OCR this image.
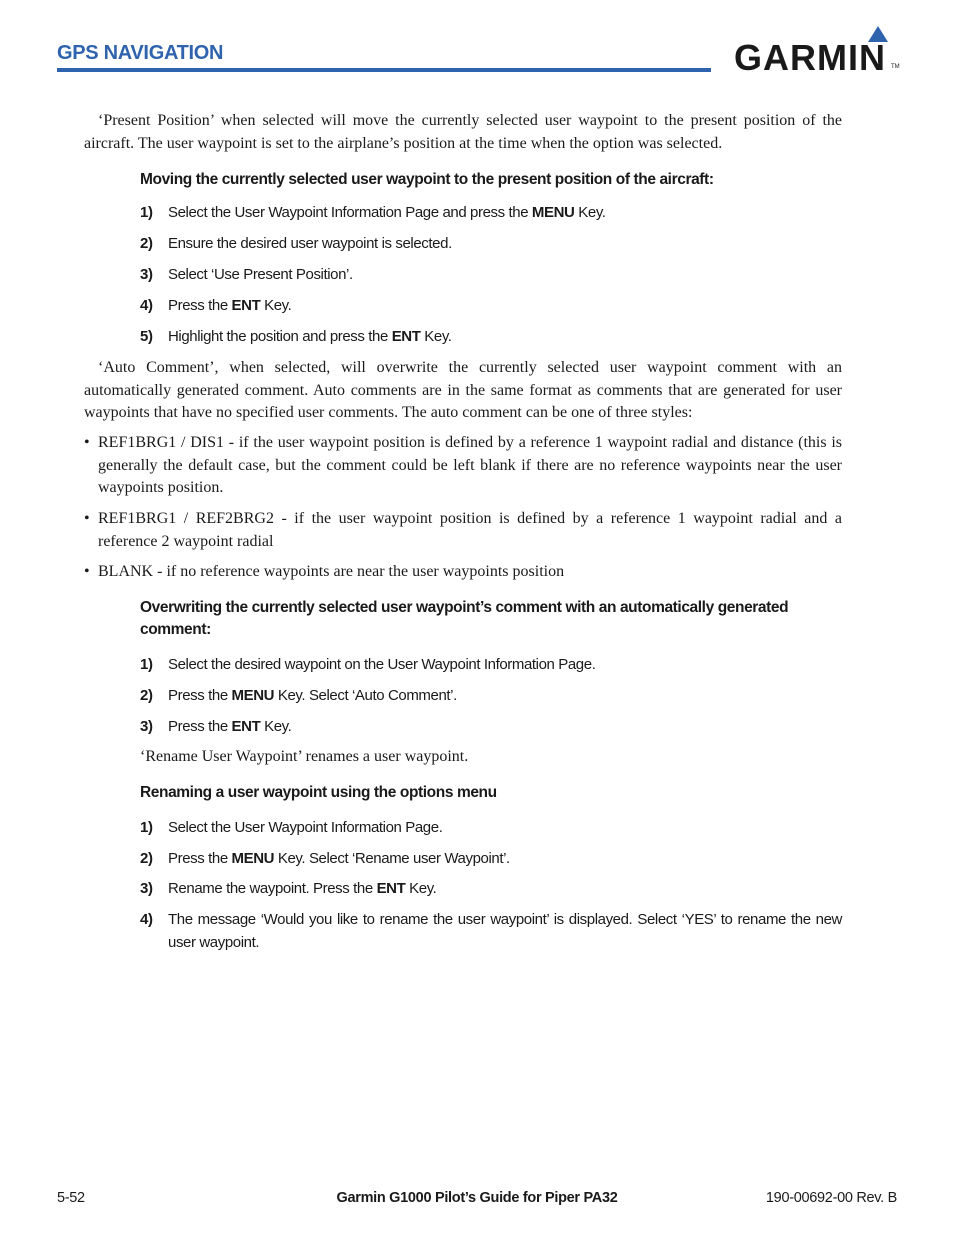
GPS NAVIGATION	GARMIN TM

‘Present Position’ when selected will move the currently selected user waypoint to the present position of the aircraft. The user waypoint is set to the airplane’s position at the time when the option was selected.

Moving the currently selected user waypoint to the present position of the aircraft:
1) Select the User Waypoint Information Page and press the MENU Key.
2) Ensure the desired user waypoint is selected.
3) Select ‘Use Present Position’.
4) Press the ENT Key.
5) Highlight the position and press the ENT Key.

‘Auto Comment’, when selected, will overwrite the currently selected user waypoint comment with an automatically generated comment. Auto comments are in the same format as comments that are generated for user waypoints that have no specified user comments. The auto comment can be one of three styles:

• REF1BRG1 / DIS1 - if the user waypoint position is defined by a reference 1 waypoint radial and distance (this is generally the default case, but the comment could be left blank if there are no reference waypoints near the user waypoints position.

• REF1BRG1 / REF2BRG2 - if the user waypoint position is defined by a reference 1 waypoint radial and a reference 2 waypoint radial

• BLANK - if no reference waypoints are near the user waypoints position

Overwriting the currently selected user waypoint’s comment with an automatically generated comment:
1) Select the desired waypoint on the User Waypoint Information Page.
2) Press the MENU Key. Select ‘Auto Comment’.
3) Press the ENT Key.

‘Rename User Waypoint’ renames a user waypoint.

Renaming a user waypoint using the options menu
1) Select the User Waypoint Information Page.
2) Press the MENU Key. Select ‘Rename user Waypoint’.
3) Rename the waypoint. Press the ENT Key.
4) The message ‘Would you like to rename the user waypoint’ is displayed. Select ‘YES’ to rename the new user waypoint.
5-52	Garmin G1000 Pilot’s Guide for Piper PA32	190-00692-00 Rev. B
